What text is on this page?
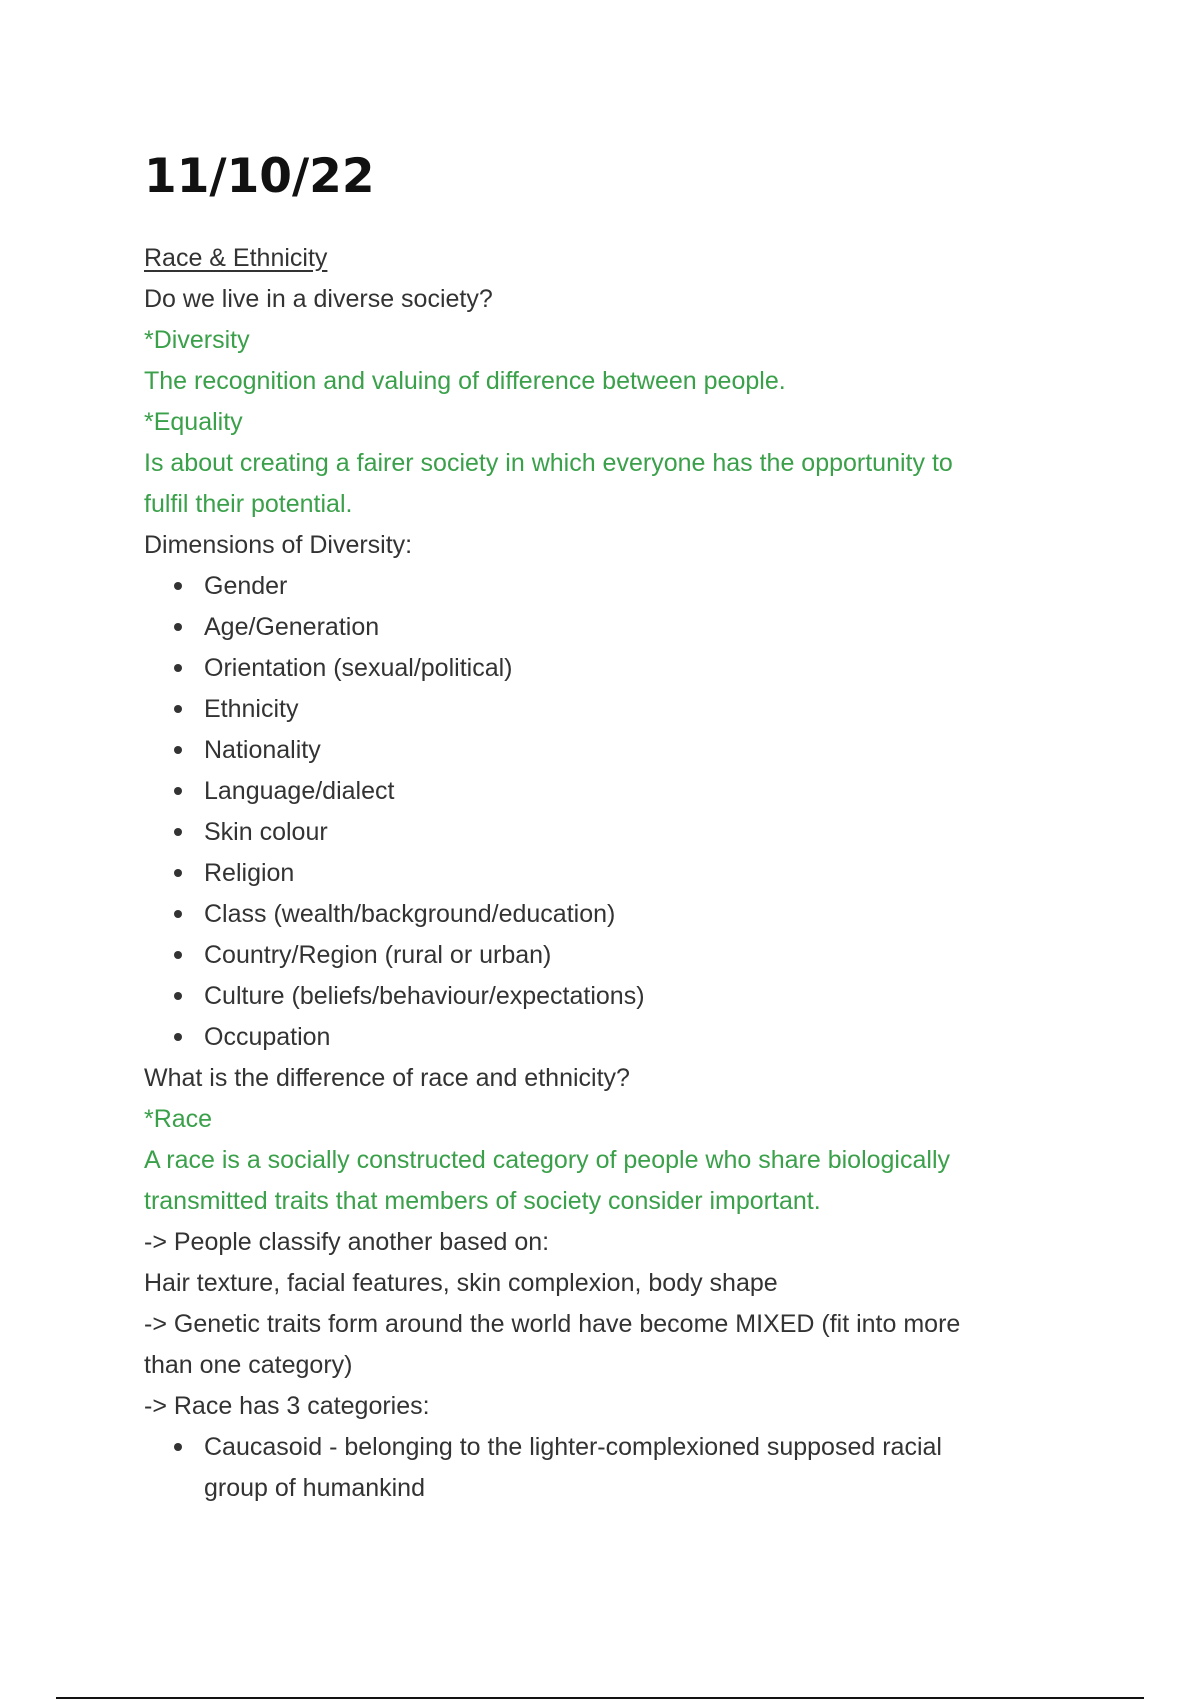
11/10/22

Race & Ethnicity

Do we live in a diverse society?

*Diversity

The recognition and valuing of difference between people.

*Equality

Is about creating a fairer society in which everyone has the opportunity to

fulfil their potential.

Dimensions of Diversity:

Gender
Age/Generation
Orientation (sexual/political)
Ethnicity
Nationality
Language/dialect
Skin colour
Religion
Class (wealth/background/education)
Country/Region (rural or urban)
Culture (beliefs/behaviour/expectations)
Occupation

What is the difference of race and ethnicity?

*Race

A race is a socially constructed category of people who share biologically

transmitted traits that members of society consider important.

-> People classify another based on:

Hair texture, facial features, skin complexion, body shape

-> Genetic traits form around the world have become MIXED (fit into more

than one category)

-> Race has 3 categories:

Caucasoid - belonging to the lighter-complexioned supposed racial
group of humankind
